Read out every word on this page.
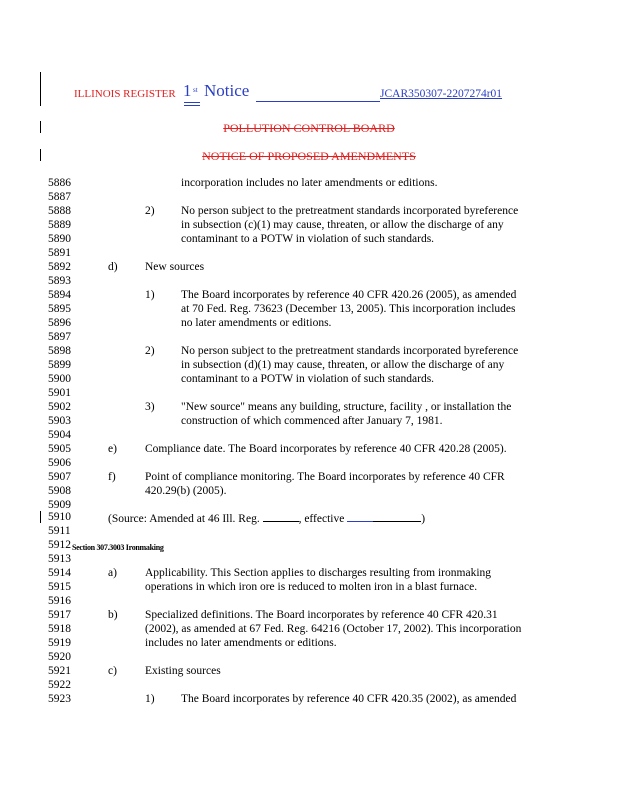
ILLINOIS REGISTER 1 st Notice	JCAR350307-2207274r01
POLLUTION CONTROL BOARD
NOTICE OF PROPOSED AMENDMENTS
5886	incorporation includes no later amendments or editions.
5887
5888	2) No person subject to the pretreatment standards incorporated byreference
5889	in subsection (c)(1) may cause, threaten, or allow the discharge of any
5890	contaminant to a POTW in violation of such standards.
5891
5892	d) New sources
5893
5894	1) The Board incorporates by reference 40 CFR 420.26 (2005), as amended
5895	at 70 Fed. Reg. 73623 (December 13, 2005). This incorporation includes
5896	no later amendments or editions.
5897
5898	2) No person subject to the pretreatment standards incorporated byreference
5899	in subsection (d)(1) may cause, threaten, or allow the discharge of any
5900	contaminant to a POTW in violation of such standards.
5901
5902	3) "New source" means any building, structure, facility , or installation the
5903	construction of which commenced after January 7, 1981.
5904
5905	e) Compliance date. The Board incorporates by reference 40 CFR 420.28 (2005).
5906
5907	f)	Point of compliance monitoring. The Board incorporates by reference 40 CFR
5908	420.29(b) (2005).
5909
5910	(Source: Amended at 46 Ill. Reg.	, effective	)
5911
5912 Section 307.3003 Ironmaking
5913
5914	a) Applicability. This Section applies to discharges resulting from ironmaking
5915	operations in which iron ore is reduced to molten iron in a blast furnace.
5916
5917	b) Specialized definitions. The Board incorporates by reference 40 CFR 420.31
5918	(2002), as amended at 67 Fed. Reg. 64216 (October 17, 2002). This incorporation
5919	includes no later amendments or editions.
5920
5921	c) Existing sources
5922
5923	1) The Board incorporates by reference 40 CFR 420.35 (2002), as amended
